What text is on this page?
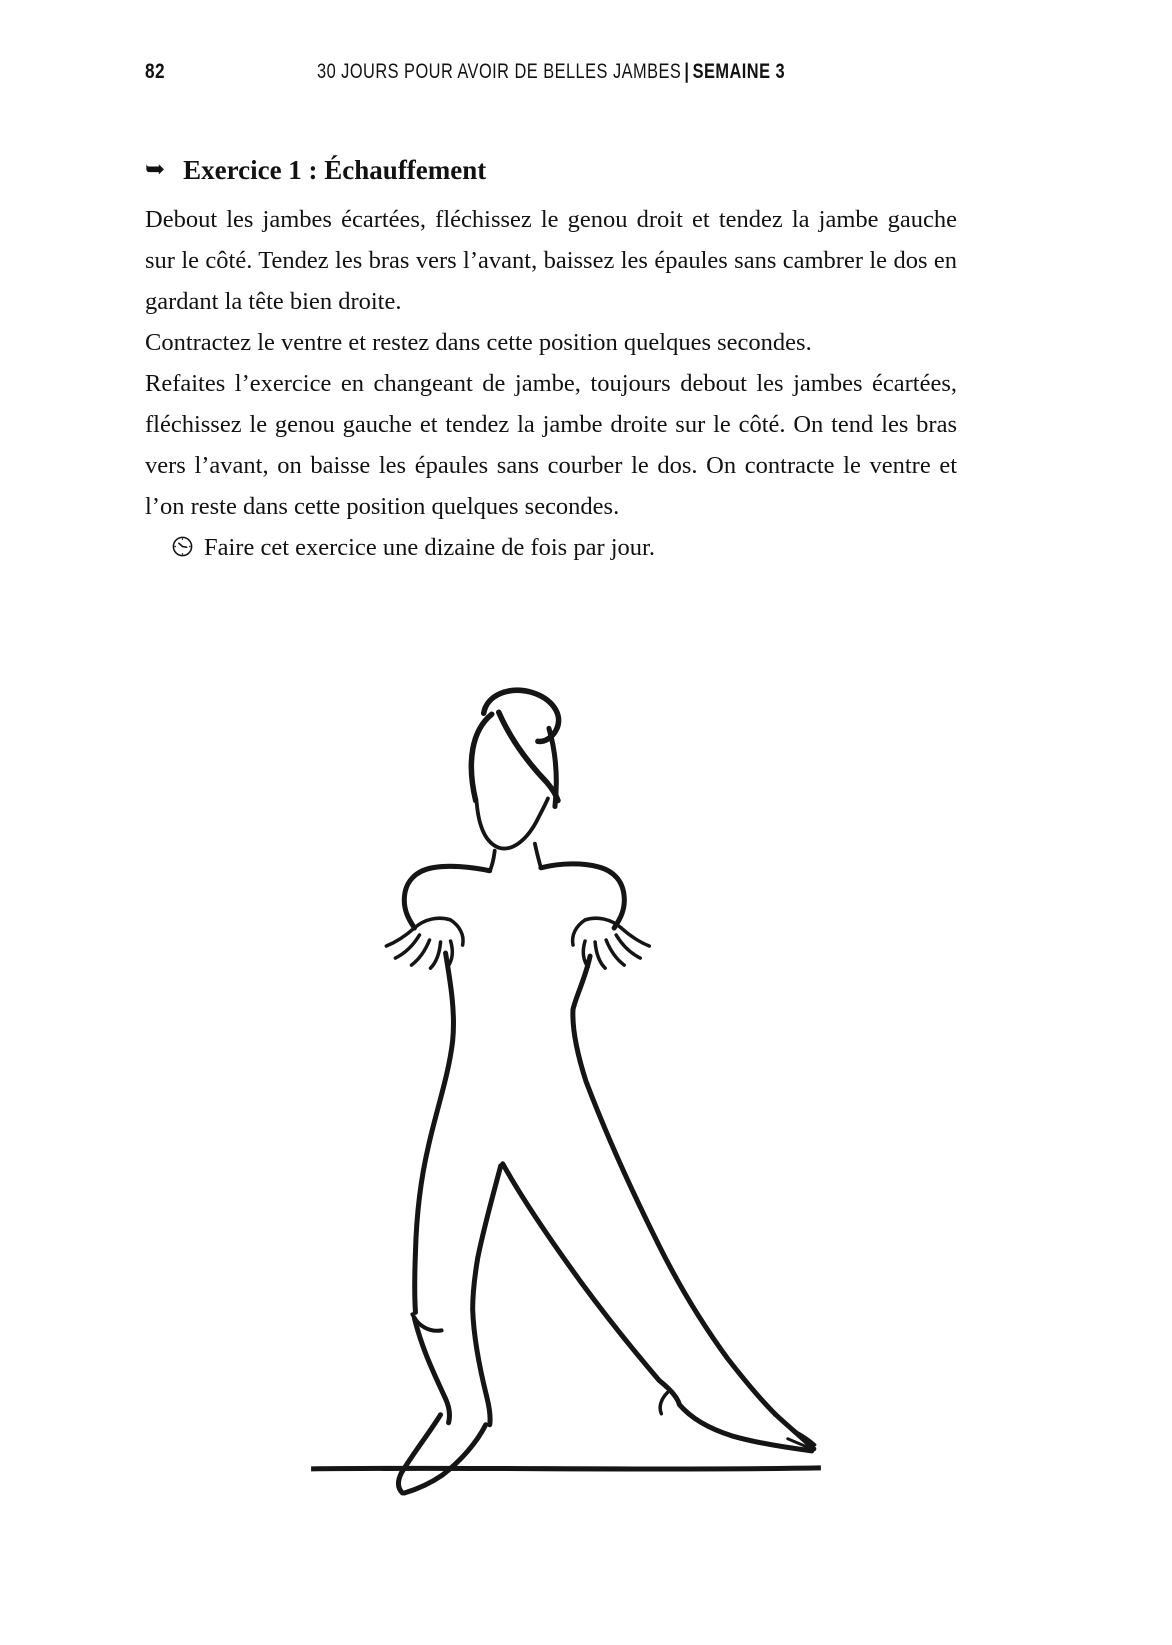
82	30 JOURS POUR AVOIR DE BELLES JAMBES | SEMAINE 3
➥ Exercice 1 : Échauffement

Debout les jambes écartées, fléchissez le genou droit et tendez la jambe gauche sur le côté. Tendez les bras vers l’avant, baissez les épaules sans cambrer le dos en gardant la tête bien droite.

Contractez le ventre et restez dans cette position quelques secondes.

Refaites l’exercice en changeant de jambe, toujours debout les jambes écartées, fléchissez le genou gauche et tendez la jambe droite sur le côté. On tend les bras vers l’avant, on baisse les épaules sans courber le dos. On contracte le ventre et l’on reste dans cette position quelques secondes.

Faire cet exercice une dizaine de fois par jour.
